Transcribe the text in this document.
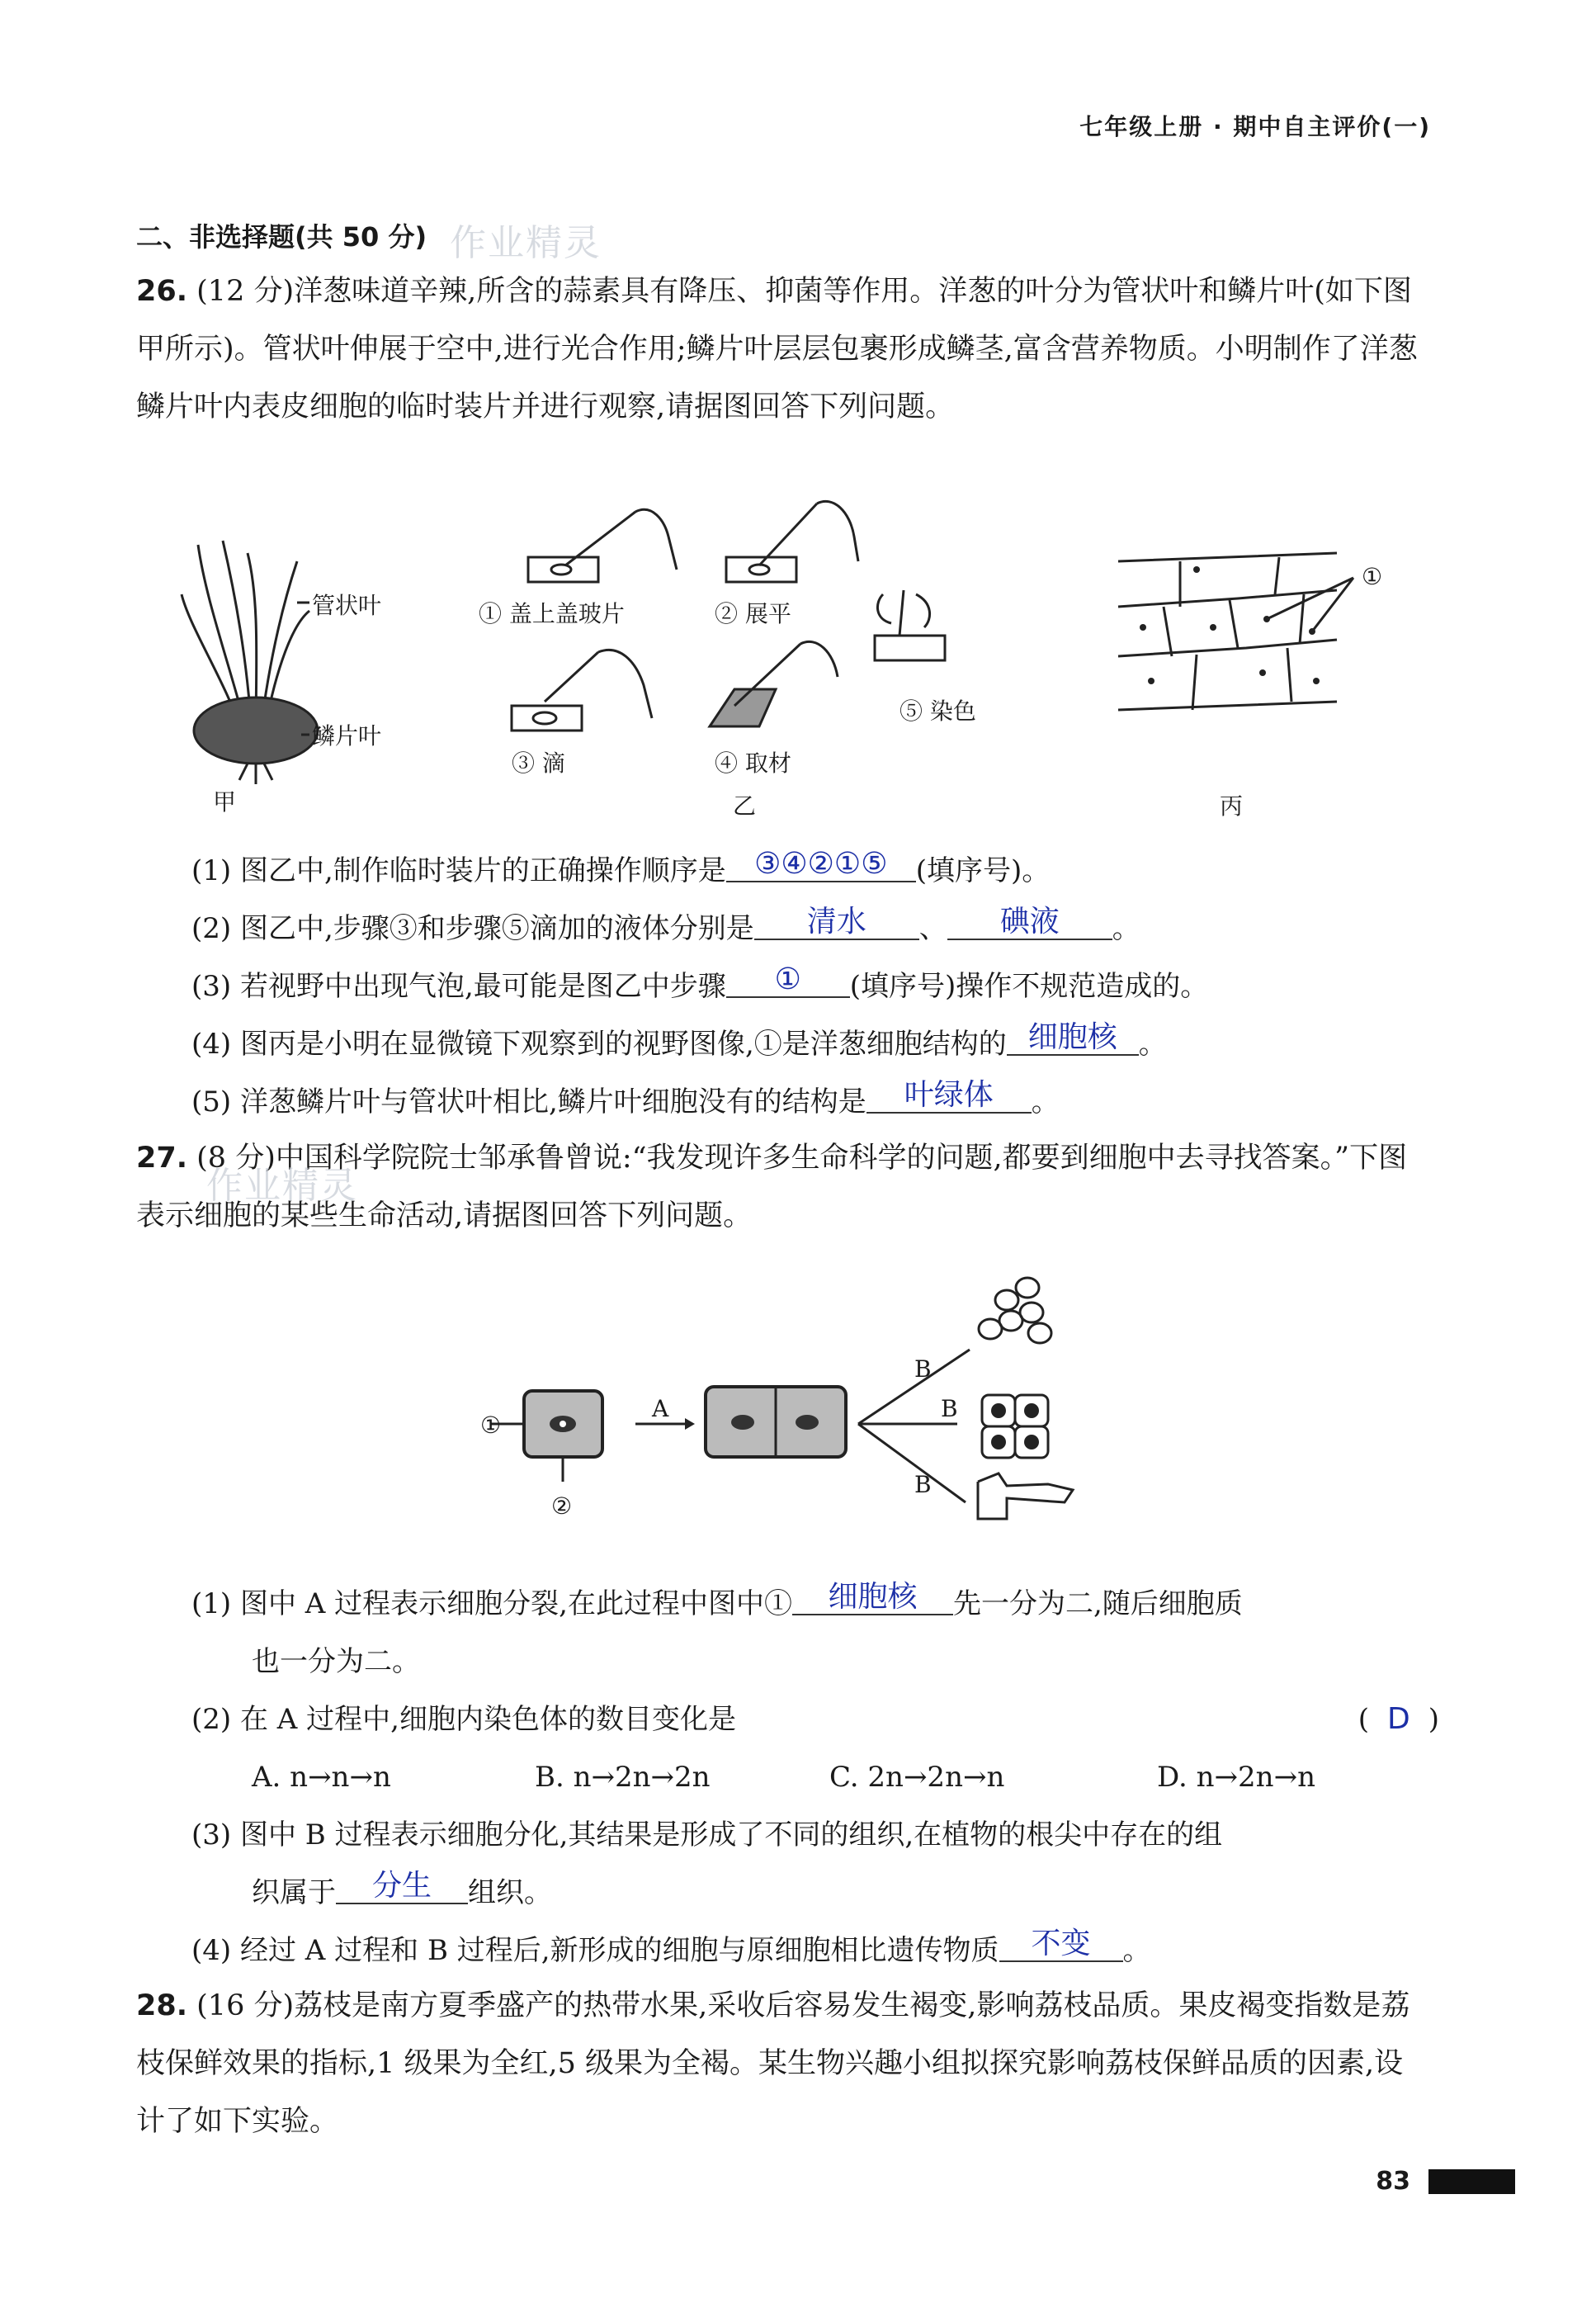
七年级上册 · 期中自主评价(一)
二、非选择题(共 50 分) 作业精灵
26. (12 分)洋葱味道辛辣,所含的蒜素具有降压、抑菌等作用。洋葱的叶分为管状叶和鳞片叶(如下图甲所示)。管状叶伸展于空中,进行光合作用;鳞片叶层层包裹形成鳞茎,富含营养物质。小明制作了洋葱鳞片叶内表皮细胞的临时装片并进行观察,请据图回答下列问题。
管状叶
鳞片叶
甲
① 盖上盖玻片	② 展平
⑤ 染色
③ 滴	④ 取材
乙
①
丙
(1) 图乙中,制作临时装片的正确操作顺序是 ③④②①⑤ (填序号)。
(2) 图乙中,步骤③和步骤⑤滴加的液体分别是 清水 、 碘液 。
(3) 若视野中出现气泡,最可能是图乙中步骤 ① (填序号)操作不规范造成的。
(4) 图丙是小明在显微镜下观察到的视野图像,①是洋葱细胞结构的 细胞核 。
(5) 洋葱鳞片叶与管状叶相比,鳞片叶细胞没有的结构是 叶绿体 。
27. (8 分)中国科学院院士邹承鲁曾说:“我发现许多生命科学的问题,都要到细胞中去寻找答案。”下图表示细胞的某些生命活动,请据图回答下列问题。
作业精灵
①
②
A
B
B
B
(1) 图中 A 过程表示细胞分裂,在此过程中图中① 细胞核 先一分为二,随后细胞质
也一分为二。
(2) 在 A 过程中,细胞内染色体的数目变化是	( D )
A. n→n→n	B. n→2n→2n	C. 2n→2n→n	D. n→2n→n
(3) 图中 B 过程表示细胞分化,其结果是形成了不同的组织,在植物的根尖中存在的组
织属于 分生 组织。
(4) 经过 A 过程和 B 过程后,新形成的细胞与原细胞相比遗传物质 不变 。
28. (16 分)荔枝是南方夏季盛产的热带水果,采收后容易发生褐变,影响荔枝品质。果皮褐变指数是荔枝保鲜效果的指标,1 级果为全红,5 级果为全褐。某生物兴趣小组拟探究影响荔枝保鲜品质的因素,设计了如下实验。
83
